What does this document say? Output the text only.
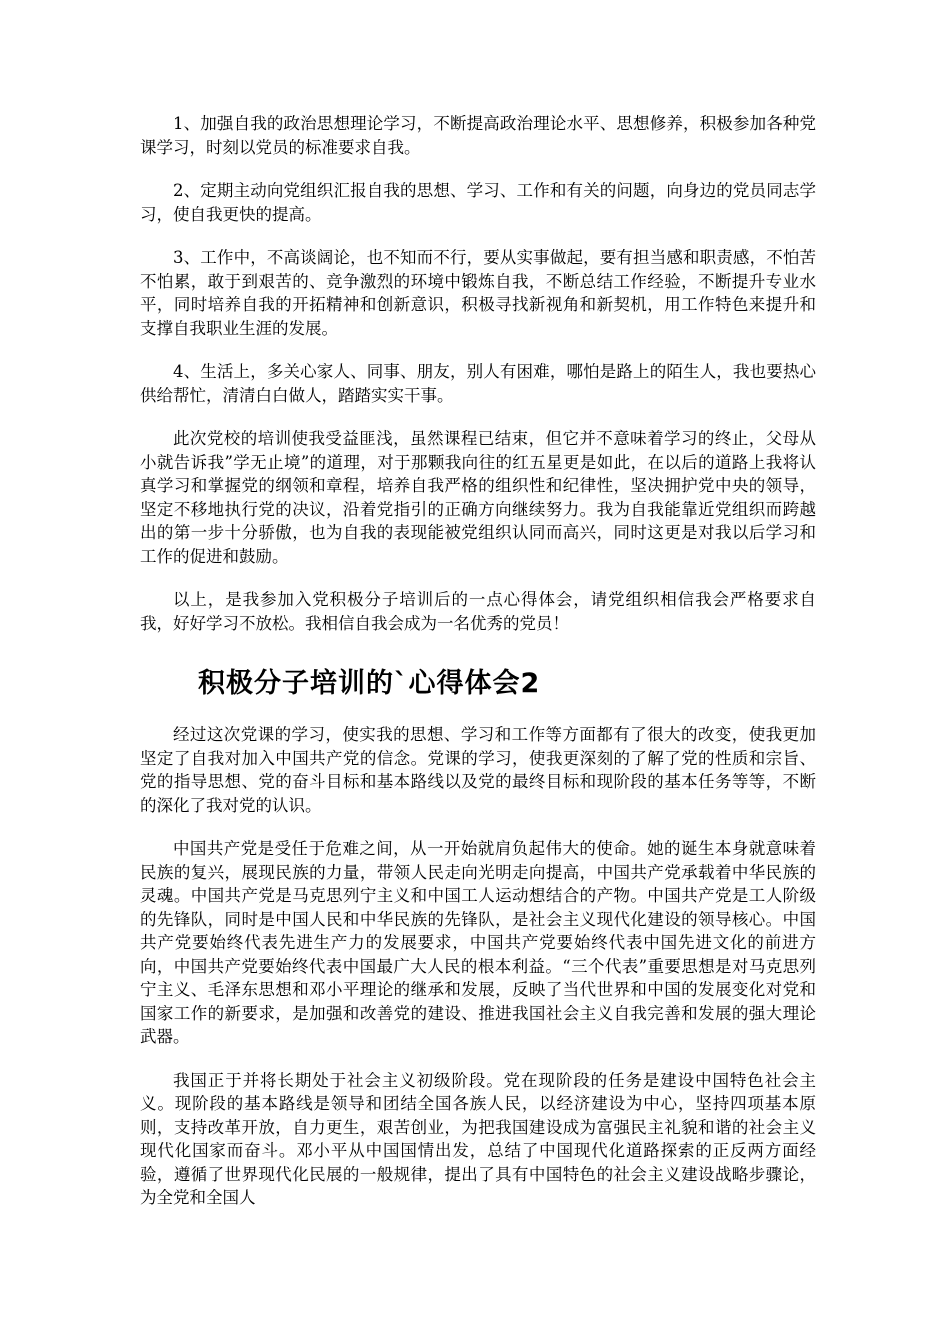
1、加强自我的政治思想理论学习，不断提高政治理论水平、思想修养，积极参加各种党课学习，时刻以党员的标准要求自我。

2、定期主动向党组织汇报自我的思想、学习、工作和有关的问题，向身边的党员同志学习，使自我更快的提高。

3、工作中，不高谈阔论，也不知而不行，要从实事做起，要有担当感和职责感，不怕苦不怕累，敢于到艰苦的、竞争激烈的环境中锻炼自我，不断总结工作经验，不断提升专业水平，同时培养自我的开拓精神和创新意识，积极寻找新视角和新契机，用工作特色来提升和支撑自我职业生涯的发展。

4、生活上，多关心家人、同事、朋友，别人有困难，哪怕是路上的陌生人，我也要热心供给帮忙，清清白白做人，踏踏实实干事。

此次党校的培训使我受益匪浅，虽然课程已结束，但它并不意味着学习的终止，父母从小就告诉我”学无止境”的道理，对于那颗我向往的红五星更是如此，在以后的道路上我将认真学习和掌握党的纲领和章程，培养自我严格的组织性和纪律性，坚决拥护党中央的领导，坚定不移地执行党的决议，沿着党指引的正确方向继续努力。我为自我能靠近党组织而跨越出的第一步十分骄傲，也为自我的表现能被党组织认同而高兴，同时这更是对我以后学习和工作的促进和鼓励。

以上，是我参加入党积极分子培训后的一点心得体会，请党组织相信我会严格要求自我，好好学习不放松。我相信自我会成为一名优秀的党员！

积极分子培训的`心得体会2

经过这次党课的学习，使实我的思想、学习和工作等方面都有了很大的改变，使我更加坚定了自我对加入中国共产党的信念。党课的学习，使我更深刻的了解了党的性质和宗旨、党的指导思想、党的奋斗目标和基本路线以及党的最终目标和现阶段的基本任务等等，不断的深化了我对党的认识。

中国共产党是受任于危难之间，从一开始就肩负起伟大的使命。她的诞生本身就意味着民族的复兴，展现民族的力量，带领人民走向光明走向提高，中国共产党承载着中华民族的灵魂。中国共产党是马克思列宁主义和中国工人运动想结合的产物。中国共产党是工人阶级的先锋队，同时是中国人民和中华民族的先锋队，是社会主义现代化建设的领导核心。中国共产党要始终代表先进生产力的发展要求，中国共产党要始终代表中国先进文化的前进方向，中国共产党要始终代表中国最广大人民的根本利益。“三个代表”重要思想是对马克思列宁主义、毛泽东思想和邓小平理论的继承和发展，反映了当代世界和中国的发展变化对党和国家工作的新要求，是加强和改善党的建设、推进我国社会主义自我完善和发展的强大理论武器。

我国正于并将长期处于社会主义初级阶段。党在现阶段的任务是建设中国特色社会主义。现阶段的基本路线是领导和团结全国各族人民，以经济建设为中心，坚持四项基本原则，支持改革开放，自力更生，艰苦创业，为把我国建设成为富强民主礼貌和谐的社会主义现代化国家而奋斗。邓小平从中国国情出发，总结了中国现代化道路探索的正反两方面经验，遵循了世界现代化民展的一般规律，提出了具有中国特色的社会主义建设战略步骤论，为全党和全国人
